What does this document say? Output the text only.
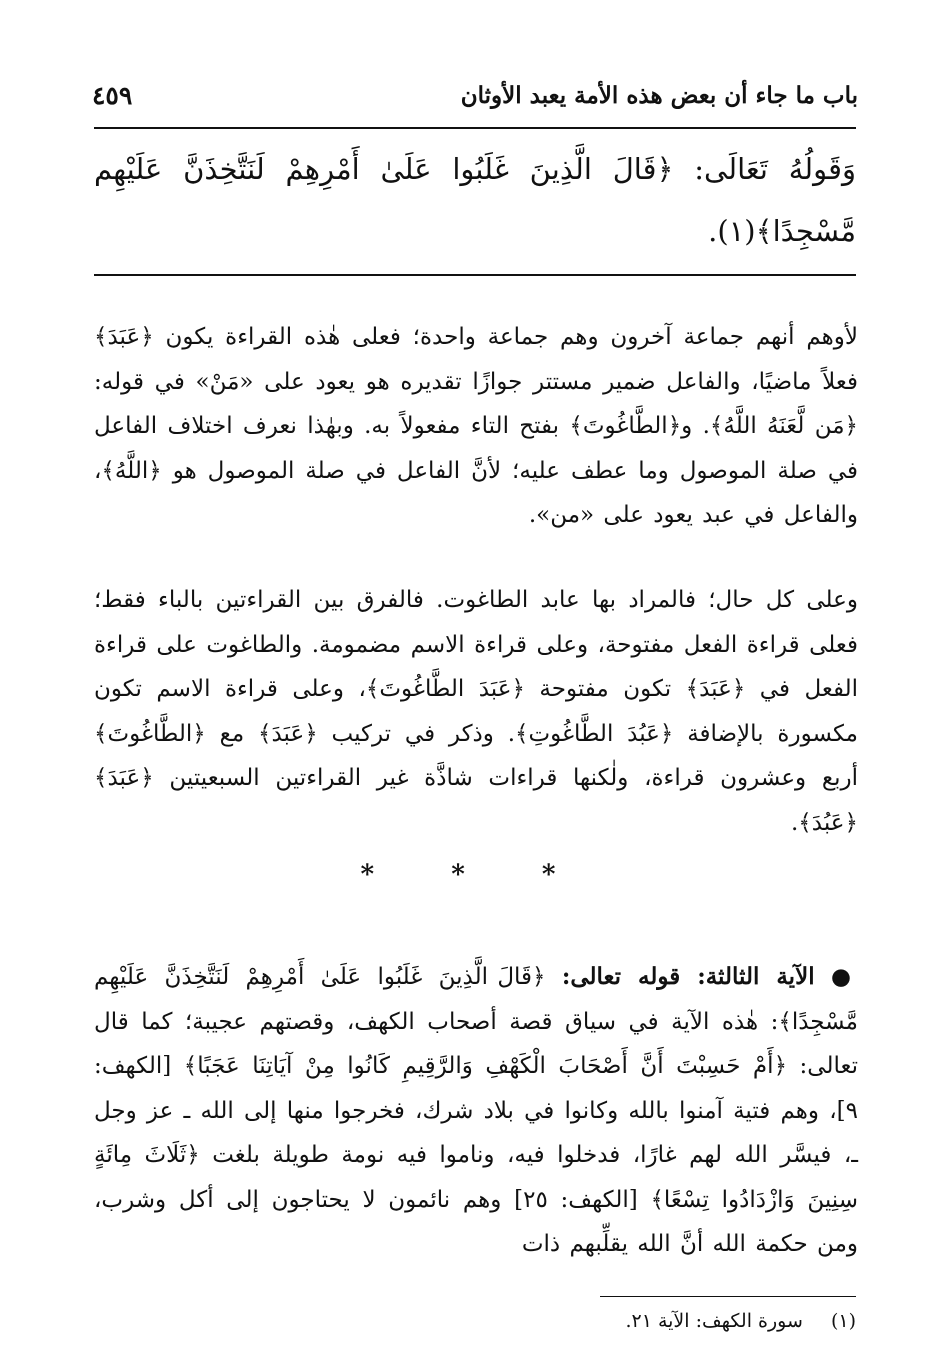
باب ما جاء أن بعض هذه الأمة يعبد الأوثان
٤٥٩
وَقَولُهُ تَعَالَى: ﴿قَالَ الَّذِينَ غَلَبُوا عَلَىٰ أَمْرِهِمْ لَنَتَّخِذَنَّ عَلَيْهِم مَّسْجِدًا﴾(١).

لأوهم أنهم جماعة آخرون وهم جماعة واحدة؛ فعلى هٰذه القراءة يكون ﴿عَبَدَ﴾ فعلاً ماضيًا، والفاعل ضمير مستتر جوازًا تقديره هو يعود على «مَنْ» في قوله: ﴿مَن لَّعَنَهُ اللَّهُ﴾. و﴿الطَّاغُوتَ﴾ بفتح التاء مفعولاً به. وبهٰذا نعرف اختلاف الفاعل في صلة الموصول وما عطف عليه؛ لأنَّ الفاعل في صلة الموصول هو ﴿اللَّهُ﴾، والفاعل في عبد يعود على «من».

وعلى كل حال؛ فالمراد بها عابد الطاغوت. فالفرق بين القراءتين بالباء فقط؛ فعلى قراءة الفعل مفتوحة، وعلى قراءة الاسم مضمومة. والطاغوت على قراءة الفعل في ﴿عَبَدَ﴾ تكون مفتوحة ﴿عَبَدَ الطَّاغُوتَ﴾، وعلى قراءة الاسم تكون مكسورة بالإضافة ﴿عَبُدَ الطَّاغُوتِ﴾. وذكر في تركيب ﴿عَبَدَ﴾ مع ﴿الطَّاغُوتَ﴾ أربع وعشرون قراءة، ولٰكنها قراءات شاذَّة غير القراءتين السبعيتين ﴿عَبَدَ﴾ ﴿عَبُدَ﴾.

* * *

● الآية الثالثة: قوله تعالى: ﴿قَالَ الَّذِينَ غَلَبُوا عَلَىٰ أَمْرِهِمْ لَنَتَّخِذَنَّ عَلَيْهِم مَّسْجِدًا﴾: هٰذه الآية في سياق قصة أصحاب الكهف، وقصتهم عجيبة؛ كما قال تعالى: ﴿أَمْ حَسِبْتَ أَنَّ أَصْحَابَ الْكَهْفِ وَالرَّقِيمِ كَانُوا مِنْ آيَاتِنَا عَجَبًا﴾ [الكهف: ٩]، وهم فتية آمنوا بالله وكانوا في بلاد شرك، فخرجوا منها إلى الله ـ عز وجل ـ، فيسَّر الله لهم غارًا، فدخلوا فيه، وناموا فيه نومة طويلة بلغت ﴿ثَلَاثَ مِائَةٍ سِنِينَ وَازْدَادُوا تِسْعًا﴾ [الكهف: ٢٥] وهم نائمون لا يحتاجون إلى أكل وشرب، ومن حكمة الله أنَّ الله يقلِّبهم ذات

(١) سورة الكهف: الآية ٢١.
